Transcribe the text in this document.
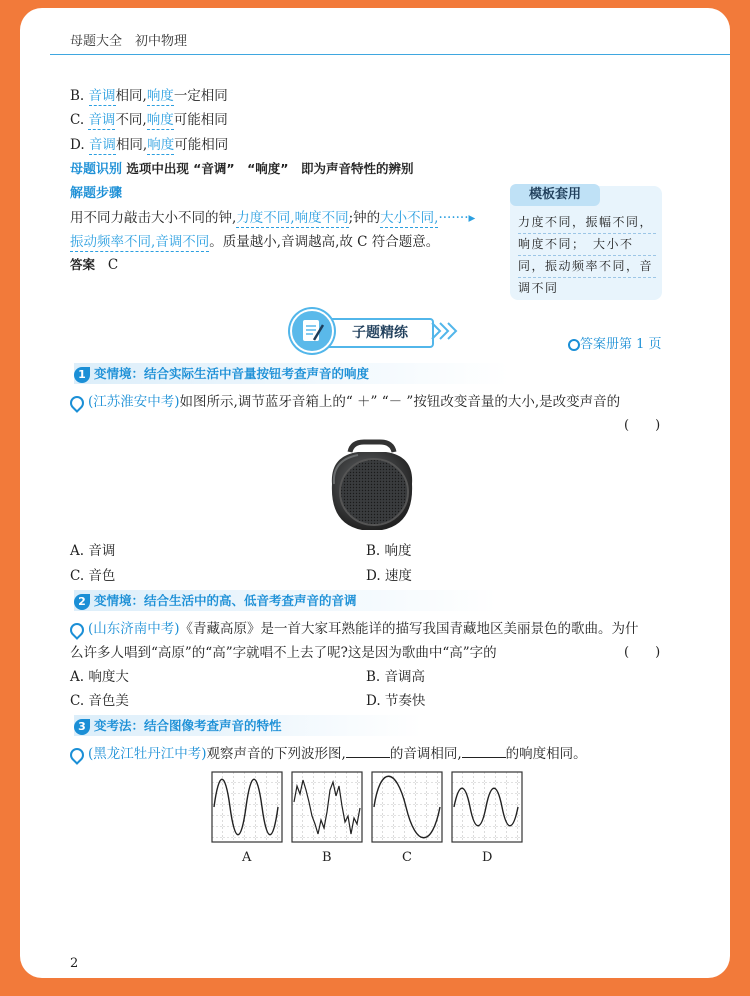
母题大全　初中物理
B. 音调相同,响度一定相同
C. 音调不同,响度可能相同
D. 音调相同,响度可能相同
母题识别 选项中出现 “音调”　“响度”　即为声音特性的辨别
解题步骤
用不同力敲击大小不同的钟,力度不同,响度不同;钟的大小不同,·······▸
振动频率不同,音调不同。质量越小,音调越高,故 C 符合题意。
答案 C
模板套用
力度不同，振幅不同，
响度不同；　大小不
同，振动频率不同，音
调不同
子题精练
答案册第 1 页
1 变情境：结合实际生活中音量按钮考查声音的响度
(江苏淮安中考)如图所示,调节蓝牙音箱上的“ ＋” “－ ”按钮改变音量的大小,是改变声音的
(　　)
A. 音调	B. 响度
C. 音色	D. 速度
2 变情境：结合生活中的高、低音考查声音的音调
(山东济南中考)《青藏高原》是一首大家耳熟能详的描写我国青藏地区美丽景色的歌曲。为什
么许多人唱到“高原”的“高”字就唱不上去了呢?这是因为歌曲中“高”字的	(　　)
A. 响度大	B. 音调高
C. 音色美	D. 节奏快
3 变考法：结合图像考查声音的特性
(黑龙江牡丹江中考)观察声音的下列波形图,	的音调相同,	的响度相同。
A	B	C	D
2
